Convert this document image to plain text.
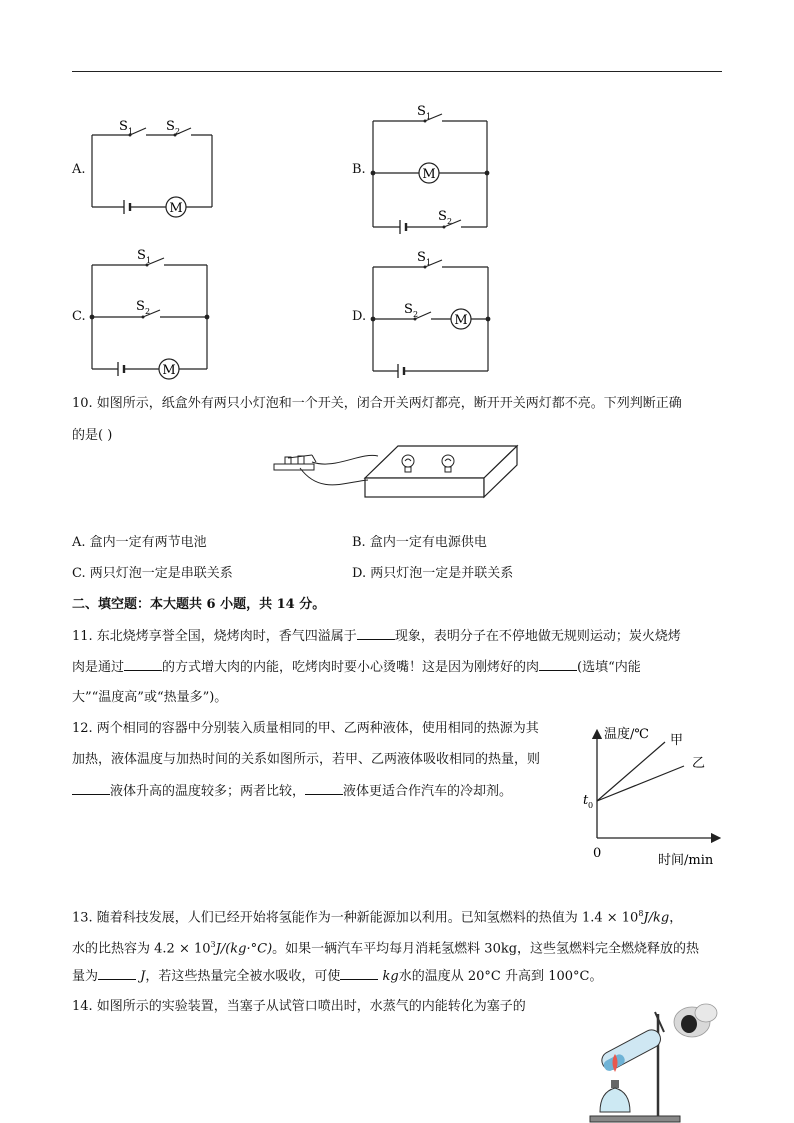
A.	B.
C.	D.
M
S 1	S 2
M
S 1
S 2
M
S 1
S 2
M
S 1
S 2
10. 如图所示，纸盒外有两只小灯泡和一个开关，闭合开关两灯都亮，断开开关两灯都不亮。下列判断正确
的是( )
A. 盒内一定有两节电池	B. 盒内一定有电源供电
C. 两只灯泡一定是串联关系	D. 两只灯泡一定是并联关系
二、填空题：本大题共 6 小题，共 14 分。
11. 东北烧烤享誉全国，烧烤肉时，香气四溢属于	现象，表明分子在不停地做无规则运动；炭火烧烤
肉是通过	的方式增大肉的内能，吃烤肉时要小心烫嘴！这是因为刚烤好的肉	(选填“内能
大”“温度高”或“热量多”)。
12. 两个相同的容器中分别装入质量相同的甲、乙两种液体，使用相同的热源为其
加热，液体温度与加热时间的关系如图所示，若甲、乙两液体吸收相同的热量，则
液体升高的温度较多；两者比较，	液体更适合作汽车的冷却剂。
温度/℃
时间/min
0
t 0
甲
乙
13. 随着科技发展，人们已经开始将氢能作为一种新能源加以利用。已知氢燃料的热值为 $1.4 \times 10^8J/kg$，
水的比热容为 $4.2 \times 10^3J/(kg\cdot^\circ C)$。如果一辆汽车平均每月消耗氢燃料 30kg，这些氢燃料完全燃烧释放的热
量为	J，若这些热量完全被水吸收，可使	kg水的温度从 20°C 升高到 100°C。
14. 如图所示的实验装置，当塞子从试管口喷出时，水蒸气的内能转化为塞子的
